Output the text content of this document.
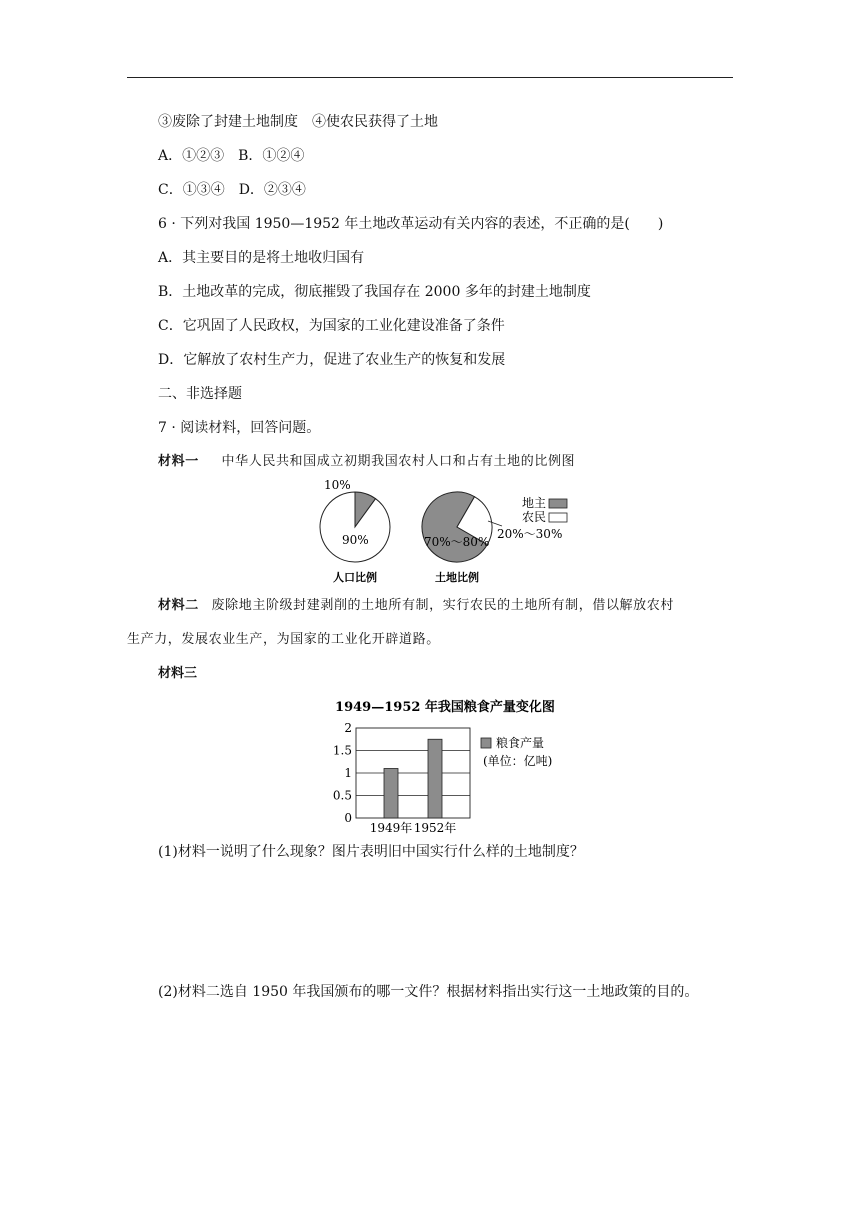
③废除了封建土地制度　④使农民获得了土地
A．①②③　B．①②④
C．①③④　D．②③④
6 · 下列对我国 1950—1952 年土地改革运动有关内容的表述，不正确的是(　　)
A．其主要目的是将土地收归国有
B．土地改革的完成，彻底摧毁了我国存在 2000 多年的封建土地制度
C．它巩固了人民政权，为国家的工业化建设准备了条件
D．它解放了农村生产力，促进了农业生产的恢复和发展
二、非选择题
7 · 阅读材料，回答问题。
材料一 中华人民共和国成立初期我国农村人口和占有土地的比例图
10%
90%	70%～80%
20%～30%
地主
农民
人口比例	土地比例
材料二 废除地主阶级封建剥削的土地所有制，实行农民的土地所有制，借以解放农村
生产力，发展农业生产，为国家的工业化开辟道路。
材料三
1949—1952 年我国粮食产量变化图
2
1.5
1
0.5
0
1949年 1952年
粮食产量
(单位：亿吨)
(1)材料一说明了什么现象？图片表明旧中国实行什么样的土地制度？
(2)材料二选自 1950 年我国颁布的哪一文件？根据材料指出实行这一土地政策的目的。
